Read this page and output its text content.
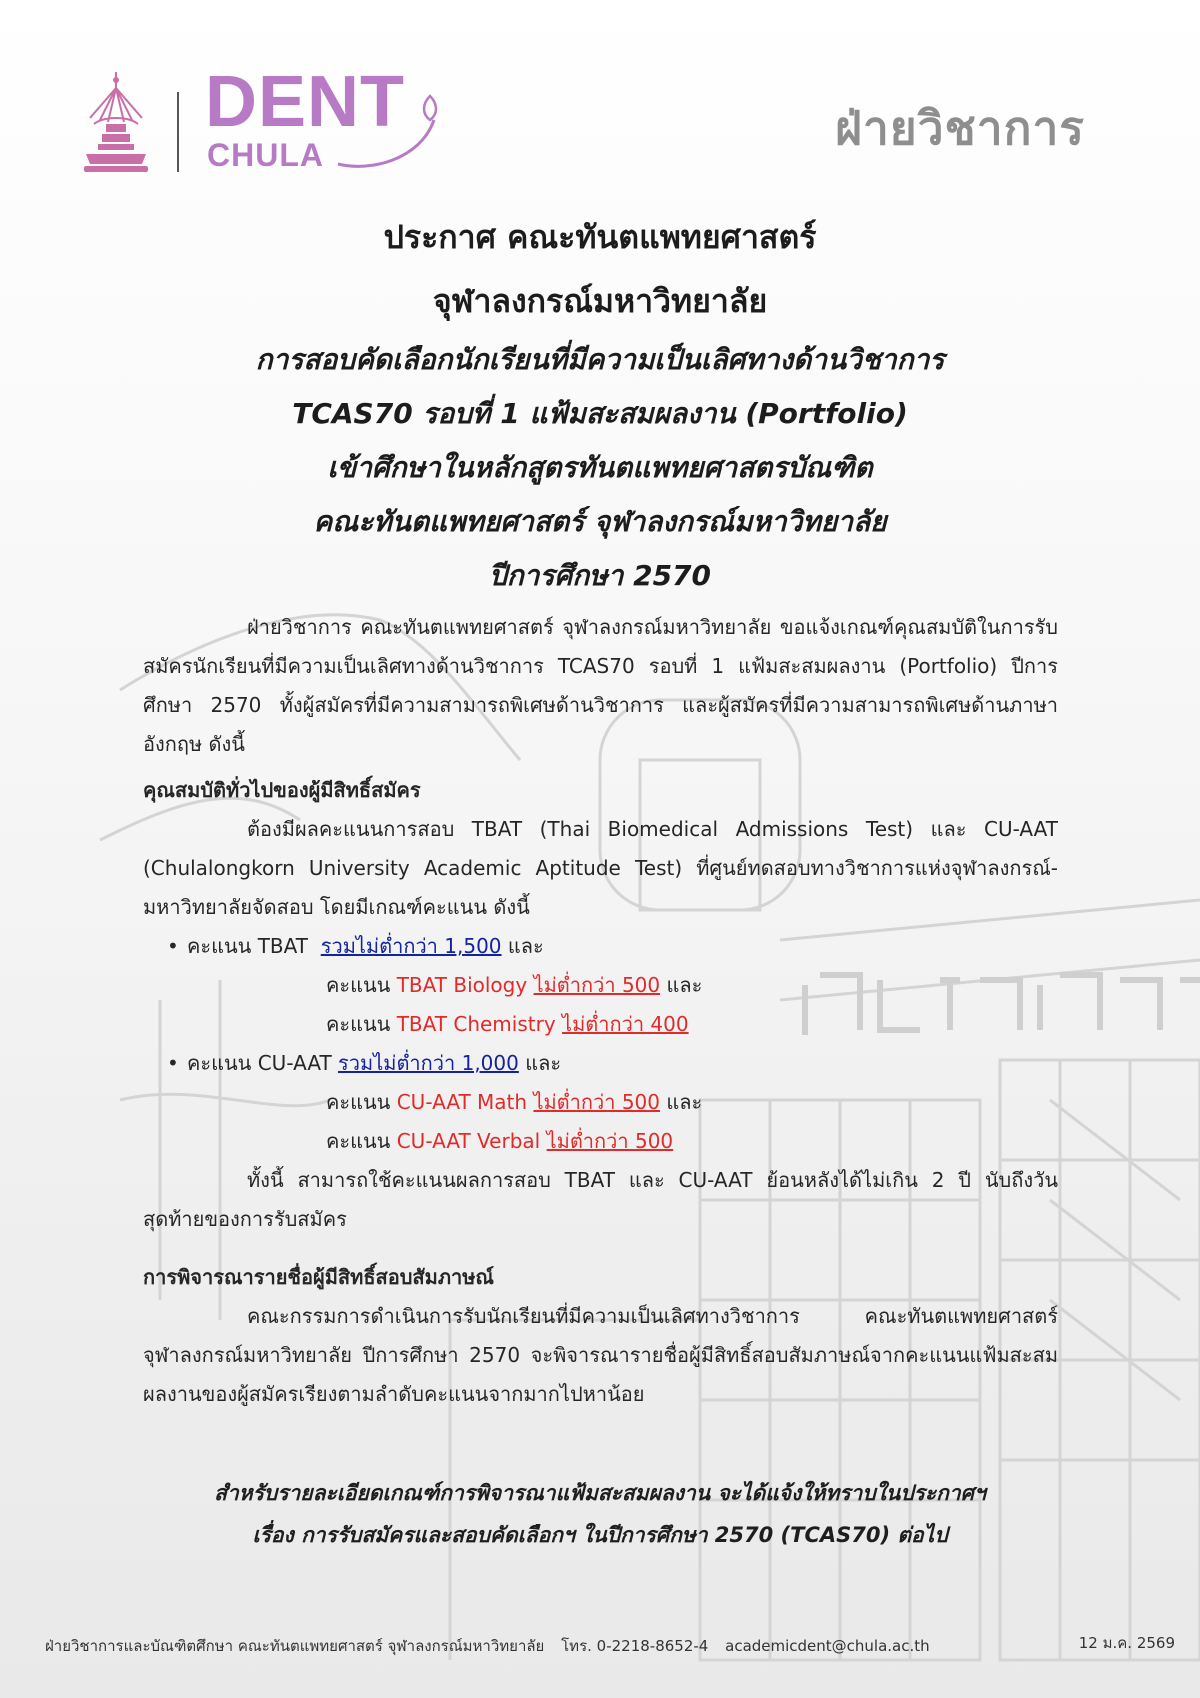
DENT
CHULA	ฝ่ายวิชาการ

ประกาศ คณะทันตแพทยศาสตร์

จุฬาลงกรณ์มหาวิทยาลัย

การสอบคัดเลือกนักเรียนที่มีความเป็นเลิศทางด้านวิชาการ

TCAS70 รอบที่ 1 แฟ้มสะสมผลงาน (Portfolio)

เข้าศึกษาในหลักสูตรทันตแพทยศาสตรบัณฑิต

คณะทันตแพทยศาสตร์ จุฬาลงกรณ์มหาวิทยาลัย

ปีการศึกษา 2570

ฝ่ายวิชาการ คณะทันตแพทยศาสตร์ จุฬาลงกรณ์มหาวิทยาลัย ขอแจ้งเกณฑ์คุณสมบัติในการรับสมัครนักเรียนที่มีความเป็นเลิศทางด้านวิชาการ TCAS70 รอบที่ 1 แฟ้มสะสมผลงาน (Portfolio) ปีการศึกษา 2570 ทั้งผู้สมัครที่มีความสามารถพิเศษด้านวิชาการ และผู้สมัครที่มีความสามารถพิเศษด้านภาษาอังกฤษ ดังนี้

คุณสมบัติทั่วไปของผู้มีสิทธิ์สมัคร

ต้องมีผลคะแนนการสอบ TBAT (Thai Biomedical Admissions Test) และ CU-AAT (Chulalongkorn University Academic Aptitude Test) ที่ศูนย์ทดสอบทางวิชาการแห่งจุฬาลงกรณ์-มหาวิทยาลัยจัดสอบ โดยมีเกณฑ์คะแนน ดังนี้

• คะแนน TBAT รวมไม่ต่ำกว่า 1,500 และ
คะแนน TBAT Biology ไม่ต่ำกว่า 500 และ
คะแนน TBAT Chemistry ไม่ต่ำกว่า 400
• คะแนน CU-AAT รวมไม่ต่ำกว่า 1,000 และ
คะแนน CU-AAT Math ไม่ต่ำกว่า 500 และ
คะแนน CU-AAT Verbal ไม่ต่ำกว่า 500

ทั้งนี้ สามารถใช้คะแนนผลการสอบ TBAT และ CU-AAT ย้อนหลังได้ไม่เกิน 2 ปี นับถึงวันสุดท้ายของการรับสมัคร

การพิจารณารายชื่อผู้มีสิทธิ์สอบสัมภาษณ์

คณะกรรมการดำเนินการรับนักเรียนที่มีความเป็นเลิศทางวิชาการ คณะทันตแพทยศาสตร์ จุฬาลงกรณ์มหาวิทยาลัย ปีการศึกษา 2570 จะพิจารณารายชื่อผู้มีสิทธิ์สอบสัมภาษณ์จากคะแนนแฟ้มสะสมผลงานของผู้สมัครเรียงตามลำดับคะแนนจากมากไปหาน้อย

สำหรับรายละเอียดเกณฑ์การพิจารณาแฟ้มสะสมผลงาน จะได้แจ้งให้ทราบในประกาศฯ

เรื่อง การรับสมัครและสอบคัดเลือกฯ ในปีการศึกษา 2570 (TCAS70) ต่อไป

ฝ่ายวิชาการและบัณฑิตศึกษา คณะทันตแพทยศาสตร์ จุฬาลงกรณ์มหาวิทยาลัย โทร. 0-2218-8652-4 academicdent@chula.ac.th	12 ม.ค. 2569
